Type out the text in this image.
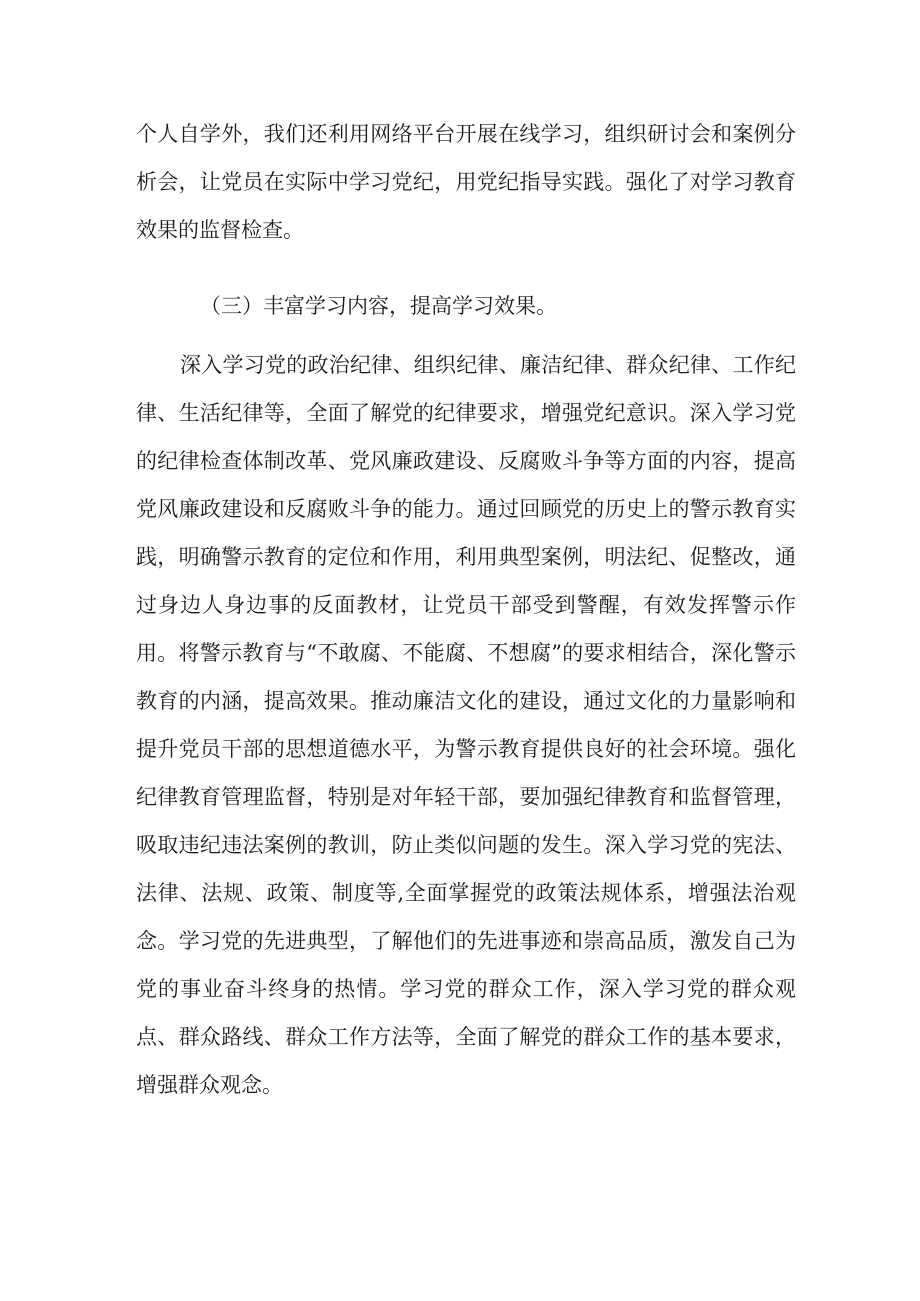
个人自学外，我们还利用网络平台开展在线学习，组织研讨会和案例分析会，让党员在实际中学习党纪，用党纪指导实践。强化了对学习教育效果的监督检查。

（三）丰富学习内容，提高学习效果。

深入学习党的政治纪律、组织纪律、廉洁纪律、群众纪律、工作纪律、生活纪律等，全面了解党的纪律要求，增强党纪意识。深入学习党的纪律检查体制改革、党风廉政建设、反腐败斗争等方面的内容，提高党风廉政建设和反腐败斗争的能力。通过回顾党的历史上的警示教育实践，明确警示教育的定位和作用，利用典型案例，明法纪、促整改，通过身边人身边事的反面教材，让党员干部受到警醒，有效发挥警示作用。将警示教育与“不敢腐、不能腐、不想腐”的要求相结合，深化警示教育的内涵，提高效果。推动廉洁文化的建设，通过文化的力量影响和提升党员干部的思想道德水平，为警示教育提供良好的社会环境。强化纪律教育管理监督，特别是对年轻干部，要加强纪律教育和监督管理，吸取违纪违法案例的教训，防止类似问题的发生。深入学习党的宪法、法律、法规、政策、制度等,全面掌握党的政策法规体系，增强法治观念。学习党的先进典型，了解他们的先进事迹和崇高品质，激发自己为党的事业奋斗终身的热情。学习党的群众工作，深入学习党的群众观点、群众路线、群众工作方法等，全面了解党的群众工作的基本要求，增强群众观念。
